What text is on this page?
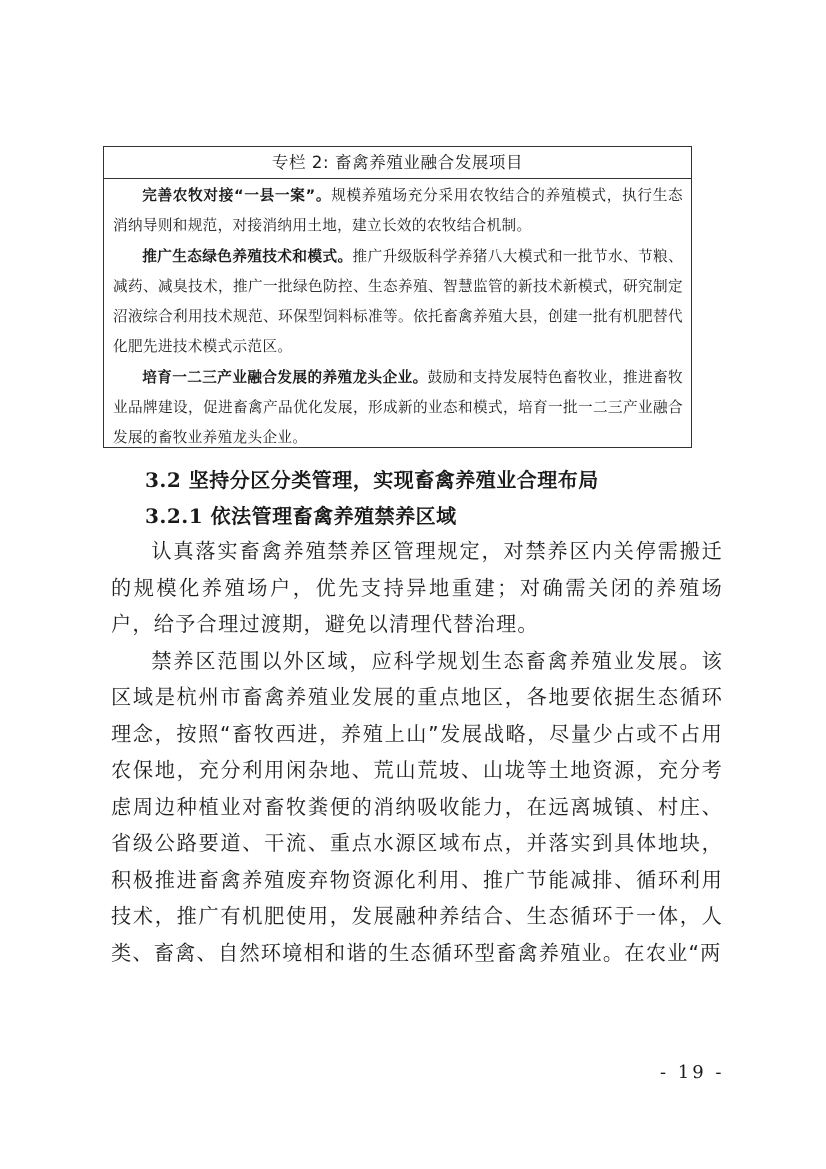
专栏 2: 畜禽养殖业融合发展项目

完善农牧对接“一县一案”。规模养殖场充分采用农牧结合的养殖模式，执行生态消纳导则和规范，对接消纳用土地，建立长效的农牧结合机制。

推广生态绿色养殖技术和模式。推广升级版科学养猪八大模式和一批节水、节粮、减药、减臭技术，推广一批绿色防控、生态养殖、智慧监管的新技术新模式，研究制定沼液综合利用技术规范、环保型饲料标准等。依托畜禽养殖大县，创建一批有机肥替代化肥先进技术模式示范区。

培育一二三产业融合发展的养殖龙头企业。鼓励和支持发展特色畜牧业，推进畜牧业品牌建设，促进畜禽产品优化发展，形成新的业态和模式，培育一批一二三产业融合发展的畜牧业养殖龙头企业。

3.2 坚持分区分类管理，实现畜禽养殖业合理布局
3.2.1 依法管理畜禽养殖禁养区域

认真落实畜禽养殖禁养区管理规定，对禁养区内关停需搬迁的规模化养殖场户，优先支持异地重建；对确需关闭的养殖场户，给予合理过渡期，避免以清理代替治理。

禁养区范围以外区域，应科学规划生态畜禽养殖业发展。该区域是杭州市畜禽养殖业发展的重点地区，各地要依据生态循环理念，按照“畜牧西进，养殖上山”发展战略，尽量少占或不占用农保地，充分利用闲杂地、荒山荒坡、山垅等土地资源，充分考虑周边种植业对畜牧粪便的消纳吸收能力，在远离城镇、村庄、省级公路要道、干流、重点水源区域布点，并落实到具体地块，积极推进畜禽养殖废弃物资源化利用、推广节能减排、循环利用技术，推广有机肥使用，发展融种养结合、生态循环于一体，人类、畜禽、自然环境相和谐的生态循环型畜禽养殖业。在农业“两

- 19 -
